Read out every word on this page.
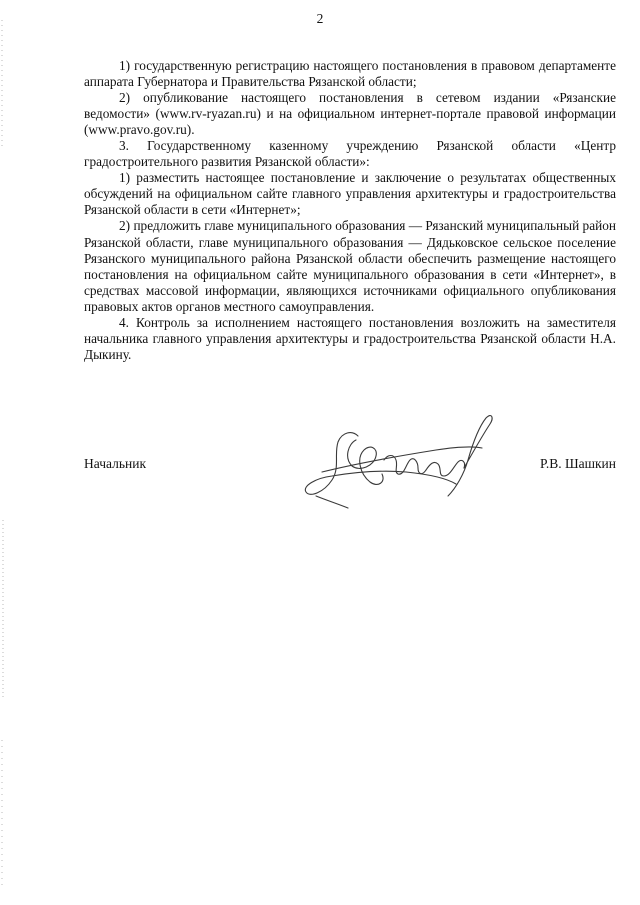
2

1) государственную регистрацию настоящего постановления в правовом департаменте аппарата Губернатора и Правительства Рязанской области;

2) опубликование настоящего постановления в сетевом издании «Рязанские ведомости» (www.rv-ryazan.ru) и на официальном интернет-портале правовой информации (www.pravo.gov.ru).

3. Государственному казенному учреждению Рязанской области «Центр градостроительного развития Рязанской области»:

1) разместить настоящее постановление и заключение о результатах общественных обсуждений на официальном сайте главного управления архитектуры и градостроительства Рязанской области в сети «Интернет»;

2) предложить главе муниципального образования — Рязанский муниципальный район Рязанской области, главе муниципального образования — Дядьковское сельское поселение Рязанского муниципального района Рязанской области обеспечить размещение настоящего постановления на официальном сайте муниципального образования в сети «Интернет», в средствах массовой информации, являющихся источниками официального опубликования правовых актов органов местного самоуправления.

4. Контроль за исполнением настоящего постановления возложить на заместителя начальника главного управления архитектуры и градостроительства Рязанской области Н.А. Дыкину.

Начальник	Р.В. Шашкин
